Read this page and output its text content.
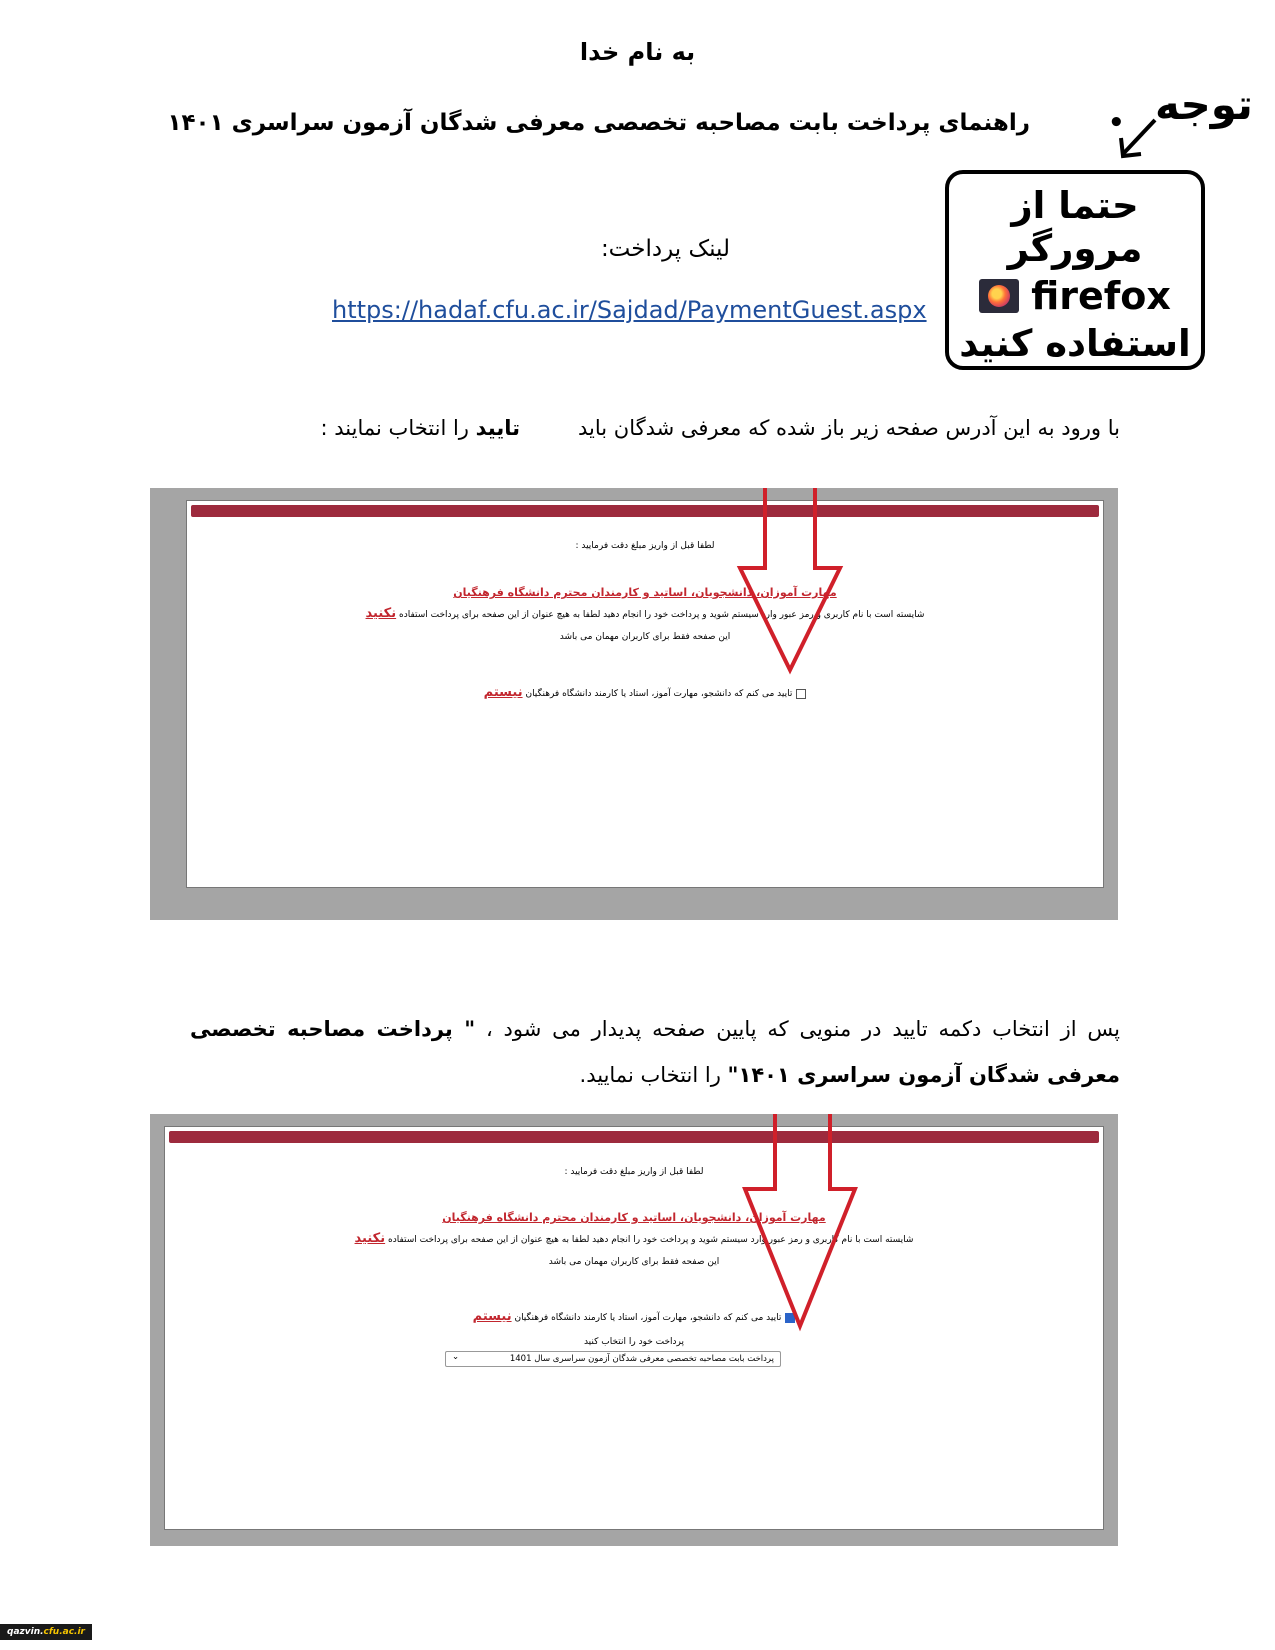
به نام خدا
راهنمای پرداخت بابت مصاحبه تخصصی معرفی شدگان آزمون سراسری ۱۴۰۱	• توجه
حتما از مرورگر
firefox
استفاده کنید
لینک پرداخت:
https://hadaf.cfu.ac.ir/Sajdad/PaymentGuest.aspx
با ورود به این آدرس صفحه زیر باز شده که معرفی شدگان بایدتایید را انتخاب نمایند :
لطفا قبل از واریز مبلغ دقت فرمایید :
مهارت آموزان، دانشجویان، اساتید و کارمندان محترم دانشگاه فرهنگیان
شایسته است با نام کاربری و رمز عبور وارد سیستم شوید و پرداخت خود را انجام دهید لطفا به هیچ عنوان از این صفحه برای پرداخت استفاده نکنید
این صفحه فقط برای کاربران مهمان می باشد
تایید می کنم که دانشجو، مهارت آموز، استاد یا کارمند دانشگاه فرهنگیان نیستم
پس از انتخاب دکمه تایید در منویی که پایین صفحه پدیدار می شود ، " پرداخت مصاحبه تخصصی معرفی شدگان آزمون سراسری ۱۴۰۱" را انتخاب نمایید.
لطفا قبل از واریز مبلغ دقت فرمایید :
مهارت آموزان، دانشجویان، اساتید و کارمندان محترم دانشگاه فرهنگیان
شایسته است با نام کاربری و رمز عبور وارد سیستم شوید و پرداخت خود را انجام دهید لطفا به هیچ عنوان از این صفحه برای پرداخت استفاده نکنید
این صفحه فقط برای کاربران مهمان می باشد
تایید می کنم که دانشجو، مهارت آموز، استاد یا کارمند دانشگاه فرهنگیان نیستم
پرداخت خود را انتخاب کنید
پرداخت بابت مصاحبه تخصصی معرفی شدگان آزمون سراسری سال 1401
⌄
qazvin.cfu.ac.ir
